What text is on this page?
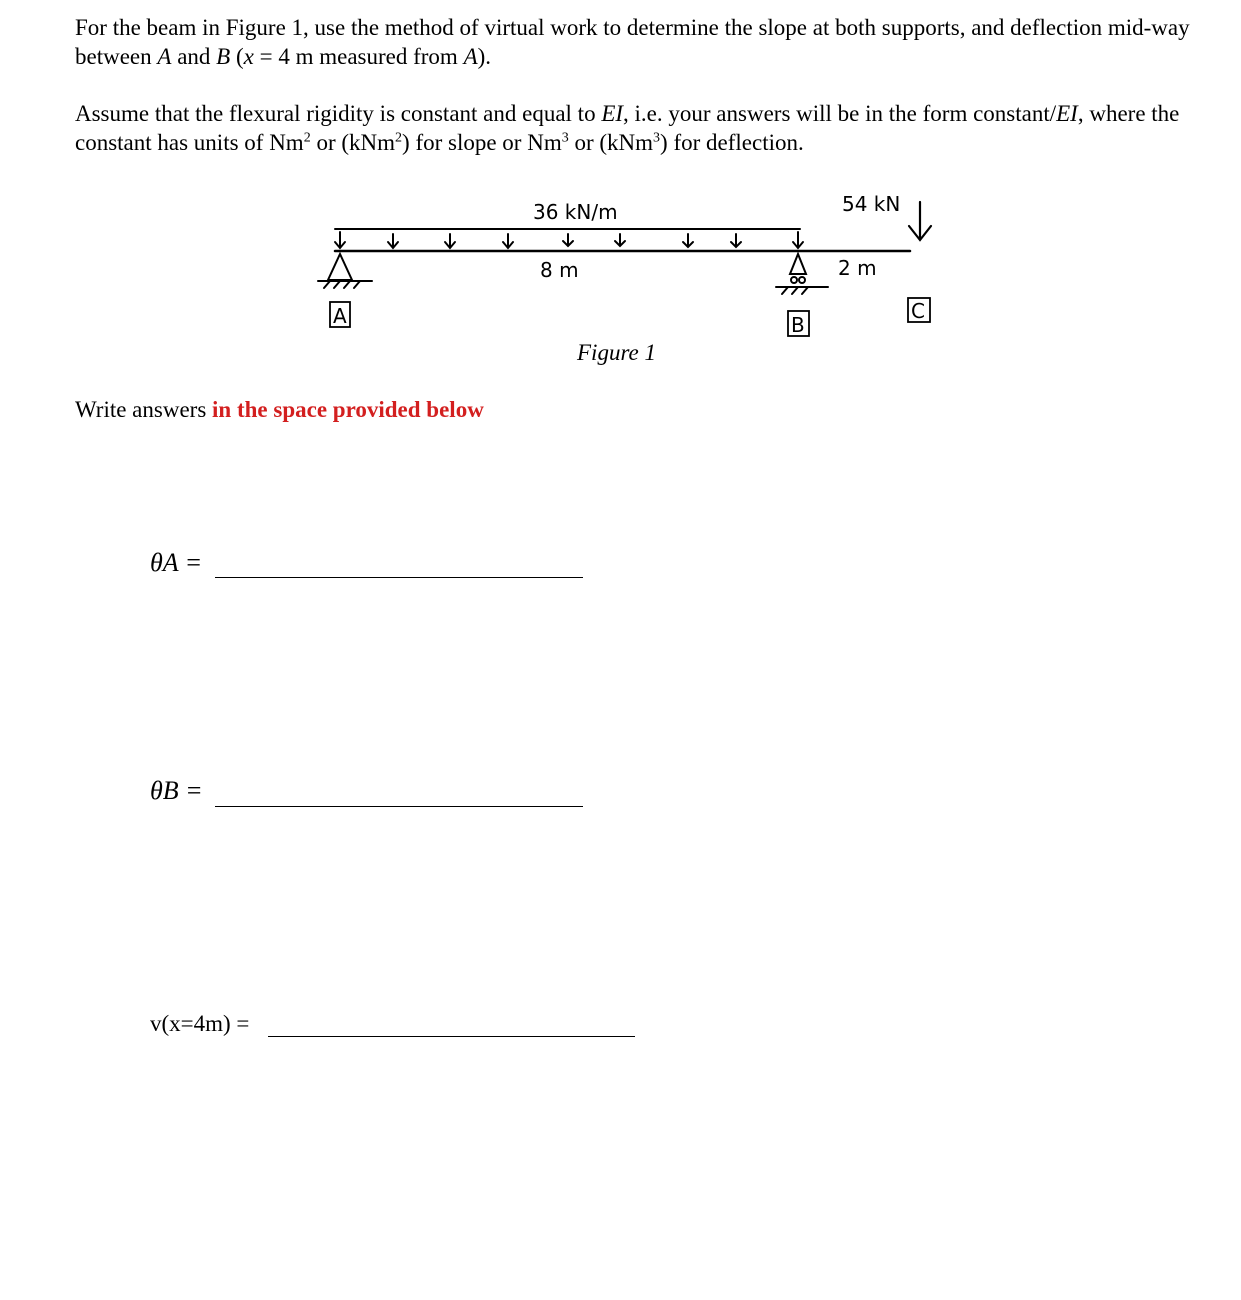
For the beam in Figure 1, use the method of virtual work to determine the slope at both supports, and deflection mid-way between A and B (x = 4 m measured from A).

Assume that the flexural rigidity is constant and equal to EI, i.e. your answers will be in the form constant/EI, where the constant has units of Nm$^2$ or (kNm$^2$) for slope or Nm$^3$ or (kNm$^3$) for deflection.

36 kN/m	54 kN
8 m	2 m
A	B
C
Figure 1
Write answers in the space provided below
θA =
θB =
v(x=4m) =
